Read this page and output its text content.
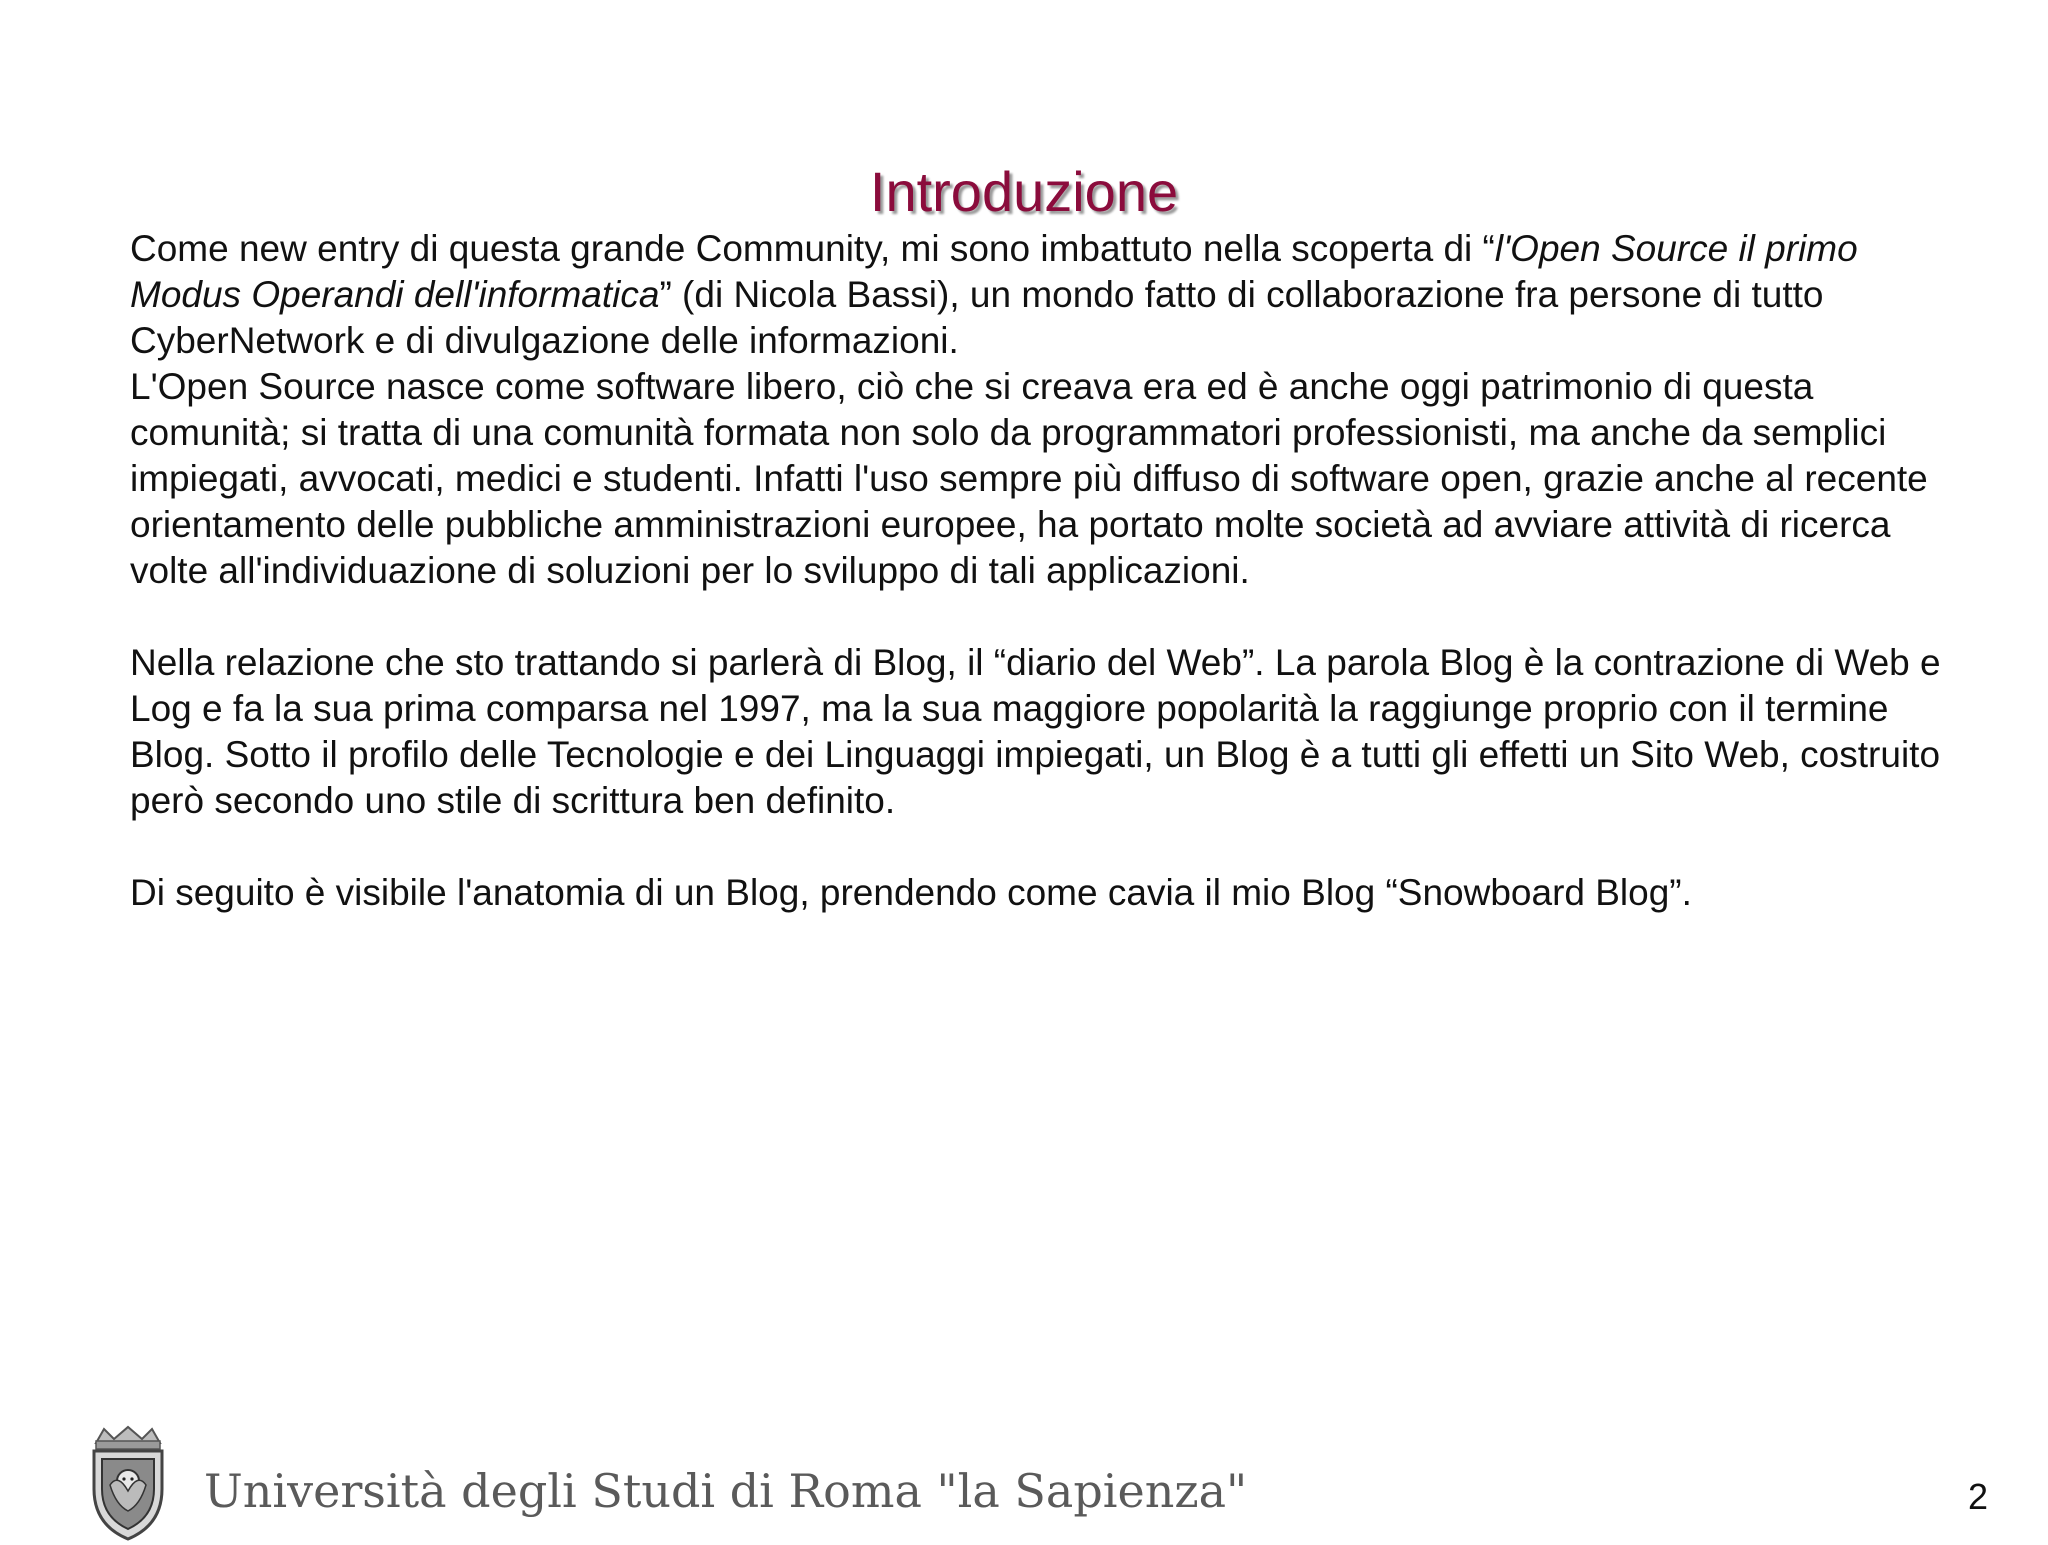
Introduzione

Come new entry di questa grande Community, mi sono imbattuto nella scoperta di “l'Open Source il primo Modus Operandi dell'informatica” (di Nicola Bassi), un mondo fatto di collaborazione fra persone di tutto CyberNetwork e di divulgazione delle informazioni.

L'Open Source nasce come software libero, ciò che si creava era ed è anche oggi patrimonio di questa comunità; si tratta di una comunità formata non solo da programmatori professionisti, ma anche da semplici impiegati, avvocati, medici e studenti. Infatti l'uso sempre più diffuso di software open, grazie anche al recente orientamento delle pubbliche amministrazioni europee, ha portato molte società ad avviare attività di ricerca volte all'individuazione di soluzioni per lo sviluppo di tali applicazioni.

Nella relazione che sto trattando si parlerà di Blog, il “diario del Web”. La parola Blog è la contrazione di Web e Log e fa la sua prima comparsa nel 1997, ma la sua maggiore popolarità la raggiunge proprio con il termine Blog. Sotto il profilo delle Tecnologie e dei Linguaggi impiegati, un Blog è a tutti gli effetti un Sito Web, costruito però secondo uno stile di scrittura ben definito.

Di seguito è visibile l'anatomia di un Blog, prendendo come cavia il mio Blog “Snowboard Blog”.

Università degli Studi di Roma "la Sapienza"	2
